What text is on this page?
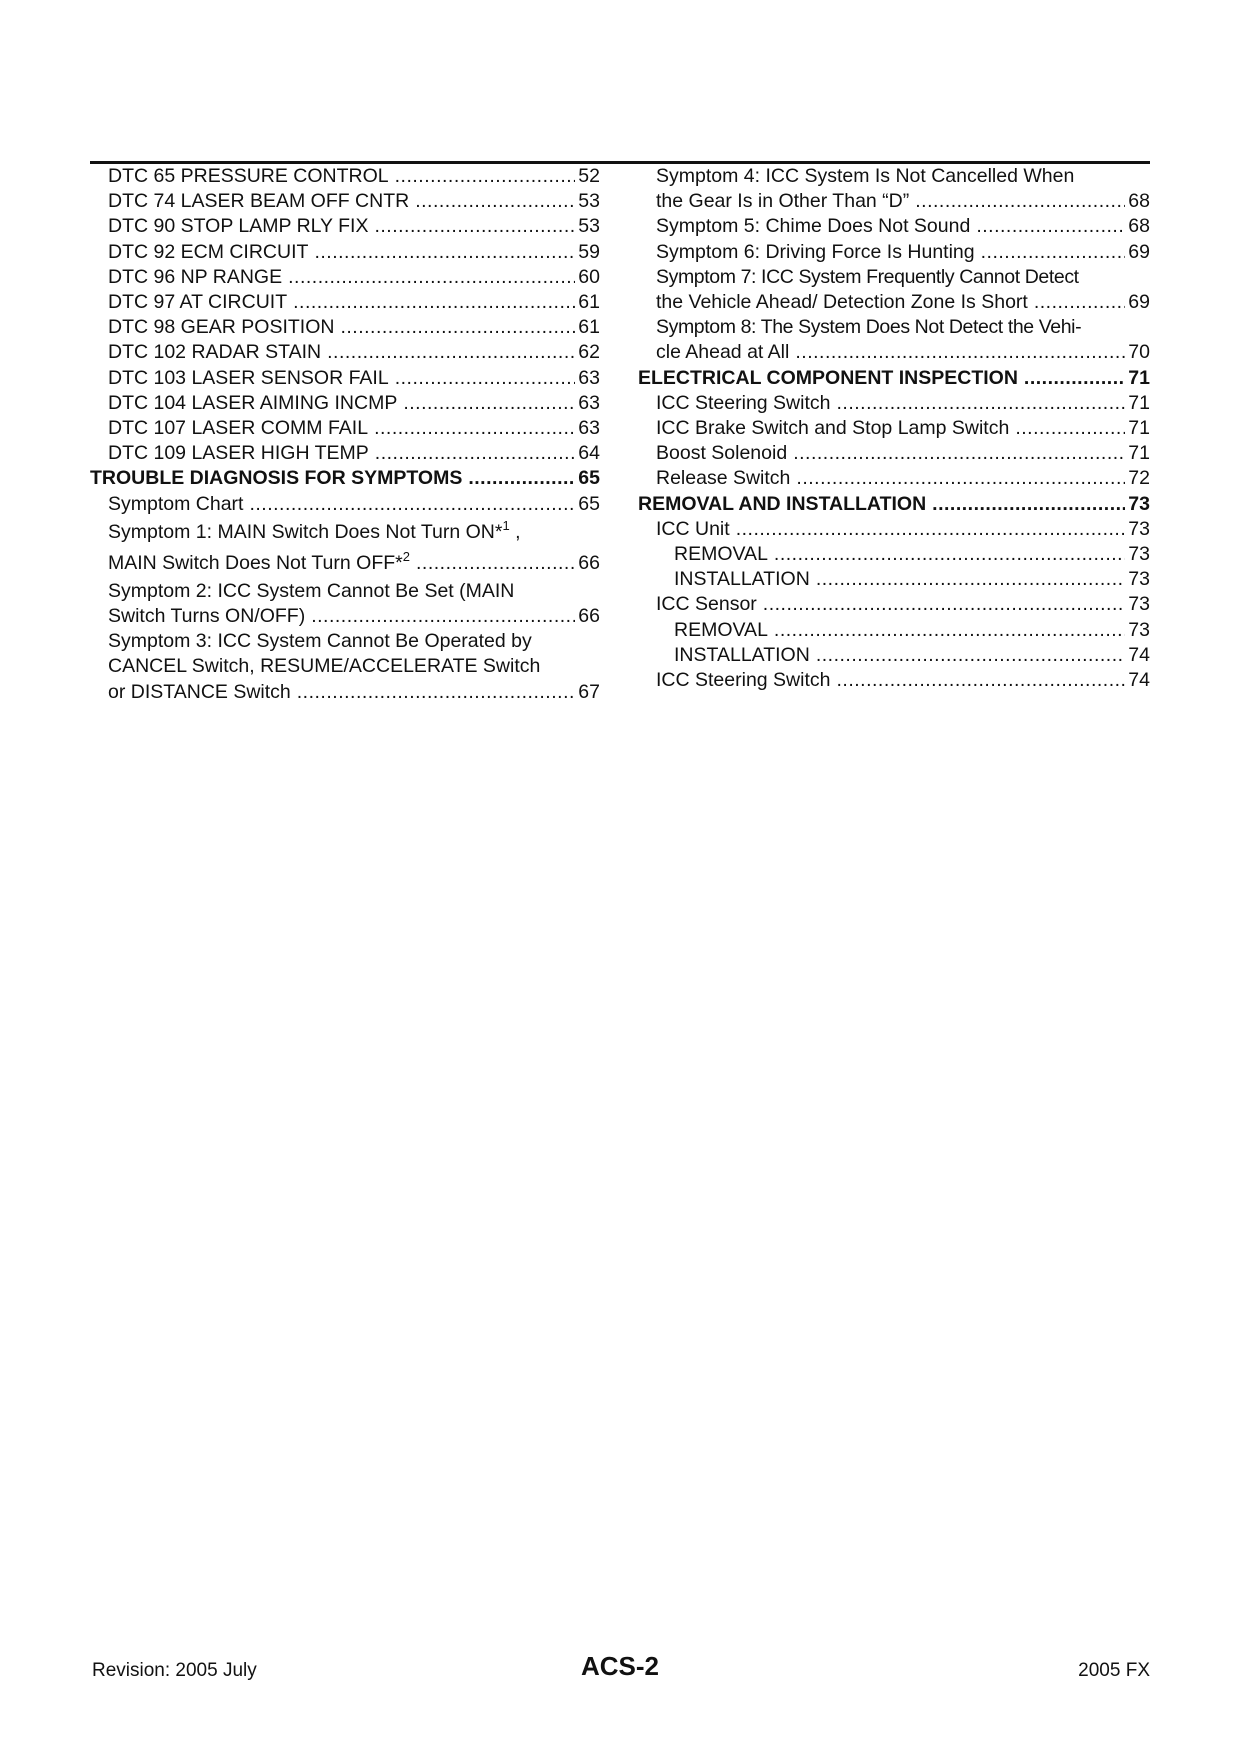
DTC 65 PRESSURE CONTROL .....	52
DTC 74 LASER BEAM OFF CNTR .....	53
DTC 90 STOP LAMP RLY FIX .....	53
DTC 92 ECM CIRCUIT .....	59
DTC 96 NP RANGE .....	60
DTC 97 AT CIRCUIT .....	61
DTC 98 GEAR POSITION .....	61
DTC 102 RADAR STAIN .....	62
DTC 103 LASER SENSOR FAIL .....	63
DTC 104 LASER AIMING INCMP .....	63
DTC 107 LASER COMM FAIL .....	63
DTC 109 LASER HIGH TEMP .....	64
TROUBLE DIAGNOSIS FOR SYMPTOMS .....	65
Symptom Chart .....	65
Symptom 1: MAIN Switch Does Not Turn ON*$^1$ ,
MAIN Switch Does Not Turn OFF*$^2$ .....	66
Symptom 2: ICC System Cannot Be Set (MAIN
Switch Turns ON/OFF) .....	66
Symptom 3: ICC System Cannot Be Operated by
CANCEL Switch, RESUME/ACCELERATE Switch
or DISTANCE Switch .....	67
Symptom 4: ICC System Is Not Cancelled When
the Gear Is in Other Than “D” .....	68
Symptom 5: Chime Does Not Sound .....	68
Symptom 6: Driving Force Is Hunting .....	69
Symptom 7: ICC System Frequently Cannot Detect
the Vehicle Ahead/ Detection Zone Is Short .....	69
Symptom 8: The System Does Not Detect the Vehi-
cle Ahead at All .....	70
ELECTRICAL COMPONENT INSPECTION .....	71
ICC Steering Switch .....	71
ICC Brake Switch and Stop Lamp Switch .....	71
Boost Solenoid .....	71
Release Switch .....	72
REMOVAL AND INSTALLATION .....	73
ICC Unit .....	73
REMOVAL .....	73
INSTALLATION .....	73
ICC Sensor .....	73
REMOVAL .....	73
INSTALLATION .....	74
ICC Steering Switch .....	74
Revision: 2005 July	ACS-2	2005 FX
